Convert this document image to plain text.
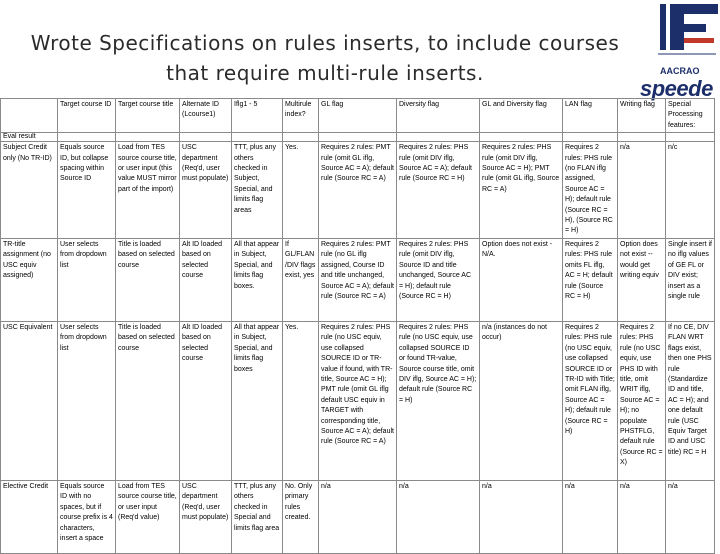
Wrote Specifications on rules inserts, to include courses
that require multi-rule inserts.	AACRAO
speede
	Target course ID	Target course title	Alternate ID (Lcourse1)	Iflg1 - 5	Multirule index?	GL flag	Diversity flag	GL and Diversity flag	LAN flag	Writing flag	Special Processing features:
Eval result											
Subject Credit only (No TR-ID)	Equals source ID, but collapse spacing within Source ID	Load from TES source course title, or user input (this value MUST mirror part of the import)	USC department (Req'd, user must populate)	TTT, plus any others checked in Subject, Special, and limits flag areas	Yes.	Requires 2 rules: PMT rule (omit GL iflg, Source AC = A); default rule (Source RC = A)	Requires 2 rules: PHS rule (omit DIV iflg, Source AC = A); default rule (Source RC = H)	Requires 2 rules: PHS rule (omit DIV iflg, Source AC = H); PMT rule (omit GL iflg, Source RC = A)	Requires 2 rules: PHS rule (no FLAN iflg assigned, Source AC = H); default rule (Source RC = H), (Source RC = H)	n/a	n/c
TR-title assignment (no USC equiv assigned)	User selects from dropdown list	Title is loaded based on selected course	Alt ID loaded based on selected course	All that appear in Subject, Special, and limits flag boxes.	If GL/FLAN/DIV flags exist, yes	Requires 2 rules: PMT rule (no GL iflg assigned, Course ID and title unchanged, Source AC = A); default rule (Source RC = A)	Requires 2 rules: PHS rule (omit DIV iflg, Source ID and title unchanged, Source AC = H); default rule (Source RC = H)	Option does not exist - N/A.	Requires 2 rules: PHS rule omits FL iflg, AC = H; default rule (Source RC = H)	Option does not exist -- would get writing equiv	Single insert if no iflg values of GE FL or DIV exist; insert as a single rule
USC Equivalent	User selects from dropdown list	Title is loaded based on selected course	Alt ID loaded based on selected course	All that appear in Subject, Special, and limits flag boxes	Yes.	Requires 2 rules: PHS rule (no USC equiv, use collapsed SOURCE ID or TR-value if found, with TR-title, Source AC = H); PMT rule (omit GL iflg default USC equiv in TARGET with corresponding title, Source AC = A); default rule (Source RC = A)	Requires 2 rules: PHS rule (no USC equiv, use collapsed SOURCE ID or found TR-value, Source course title, omit DIV iflg, Source AC = H); default rule (Source RC = H)	n/a (instances do not occur)	Requires 2 rules: PHS rule (no USC equiv, use collapsed SOURCE ID or TR-ID with Title; omit FLAN iflg, Source AC = H); default rule (Source RC = H)	Requires 2 rules: PHS rule (no USC equiv, use PHS ID with title, omit WRIT iflg, Source AC = H); no populate PHSTFLG, default rule (Source RC = X)	If no CE, DIV FLAN WRT flags exist, then one PHS rule (Standardize ID and title, AC = H); and one default rule (USC Equiv Target ID and USC title) RC = H
Elective Credit	Equals source ID with no spaces, but if course prefix is 4 characters, insert a space	Load from TES source course title, or user input (Req'd value)	USC department (Req'd, user must populate)	TTT, plus any others checked in Special and limits flag area	No. Only primary rules created.	n/a	n/a	n/a	n/a	n/a	n/a
